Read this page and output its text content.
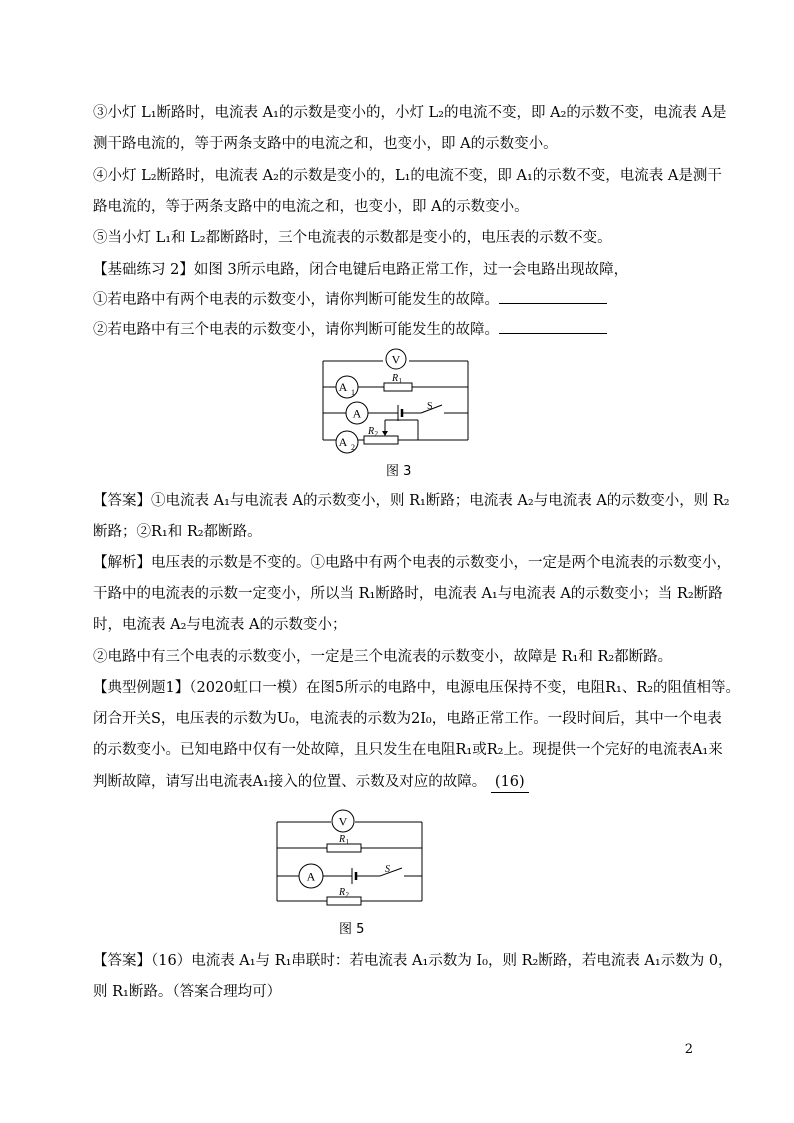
③小灯 L₁断路时，电流表 A₁的示数是变小的，小灯 L₂的电流不变，即 A₂的示数不变，电流表 A是
测干路电流的，等于两条支路中的电流之和，也变小，即 A的示数变小。
④小灯 L₂断路时，电流表 A₂的示数是变小的，L₁的电流不变，即 A₁的示数不变，电流表 A是测干
路电流的，等于两条支路中的电流之和，也变小，即 A的示数变小。
⑤当小灯 L₁和 L₂都断路时，三个电流表的示数都是变小的，电压表的示数不变。
【基础练习 2】如图 3所示电路，闭合电键后电路正常工作，过一会电路出现故障，
①若电路中有两个电表的示数变小，请你判断可能发生的故障。
②若电路中有三个电表的示数变小，请你判断可能发生的故障。
V
A 1
A
A 2
R 1
R 2
S
图 3
【答案】①电流表 A₁与电流表 A的示数变小，则 R₁断路；电流表 A₂与电流表 A的示数变小，则 R₂
断路；②R₁和 R₂都断路。
【解析】电压表的示数是不变的。①电路中有两个电表的示数变小，一定是两个电流表的示数变小，
干路中的电流表的示数一定变小，所以当 R₁断路时，电流表 A₁与电流表 A的示数变小；当 R₂断路
时，电流表 A₂与电流表 A的示数变小；
②电路中有三个电表的示数变小，一定是三个电流表的示数变小，故障是 R₁和 R₂都断路。
【典型例题1】（2020虹口一模）在图5所示的电路中，电源电压保持不变，电阻R₁、R₂的阻值相等。
闭合开关S，电压表的示数为U₀，电流表的示数为2I₀，电路正常工作。一段时间后，其中一个电表
的示数变小。已知电路中仅有一处故障，且只发生在电阻R₁或R₂上。现提供一个完好的电流表A₁来
判断故障，请写出电流表A₁接入的位置、示数及对应的故障。 (16)
V
A
R 1
R 2
S
图 5
【答案】（16）电流表 A₁与 R₁串联时：若电流表 A₁示数为 I₀，则 R₂断路，若电流表 A₁示数为 0，
则 R₁断路。（答案合理均可）
2
